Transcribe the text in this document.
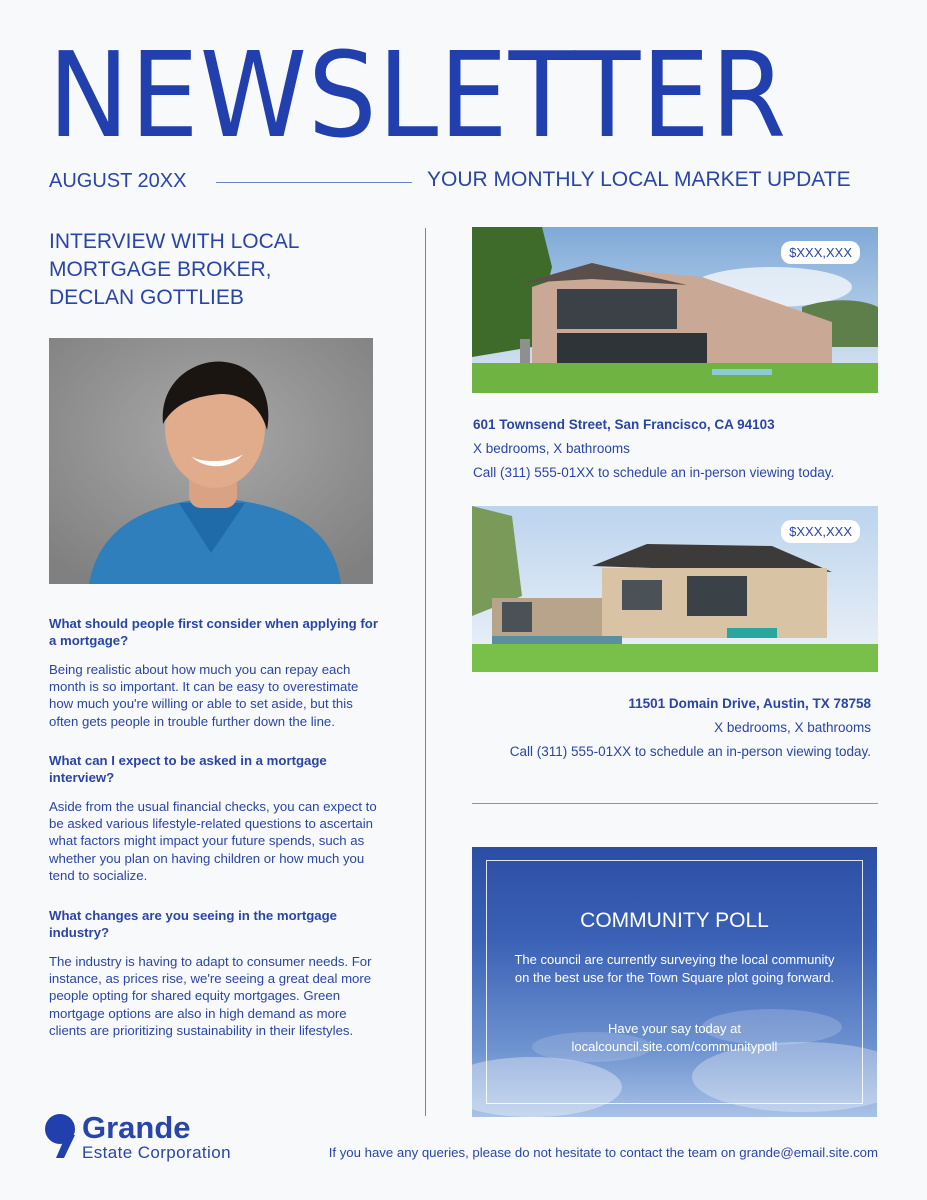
NEWSLETTER
AUGUST 20XX	YOUR MONTHLY LOCAL MARKET UPDATE
INTERVIEW WITH LOCAL
MORTGAGE BROKER,
DECLAN GOTTLIEB
What should people first consider when applying for a mortgage?
Being realistic about how much you can repay each month is so important. It can be easy to overestimate how much you're willing or able to set aside, but this often gets people in trouble further down the line.
What can I expect to be asked in a mortgage interview?
Aside from the usual financial checks, you can expect to be asked various lifestyle-related questions to ascertain what factors might impact your future spends, such as whether you plan on having children or how much you tend to socialize.
What changes are you seeing in the mortgage industry?
The industry is having to adapt to consumer needs. For instance, as prices rise, we're seeing a great deal more people opting for shared equity mortgages. Green mortgage options are also in high demand as more clients are prioritizing sustainability in their lifestyles.
$XXX,XXX
601 Townsend Street, San Francisco, CA 94103
X bedrooms, X bathrooms
Call (311) 555-01XX to schedule an in-person viewing today.
$XXX,XXX
11501 Domain Drive, Austin, TX 78758
X bedrooms, X bathrooms
Call (311) 555-01XX to schedule an in-person viewing today.
COMMUNITY POLL
The council are currently surveying the local community on the best use for the Town Square plot going forward.
Have your say today at
localcouncil.site.com/communitypoll
Grande
Estate Corporation	If you have any queries, please do not hesitate to contact the team on grande@email.site.com
